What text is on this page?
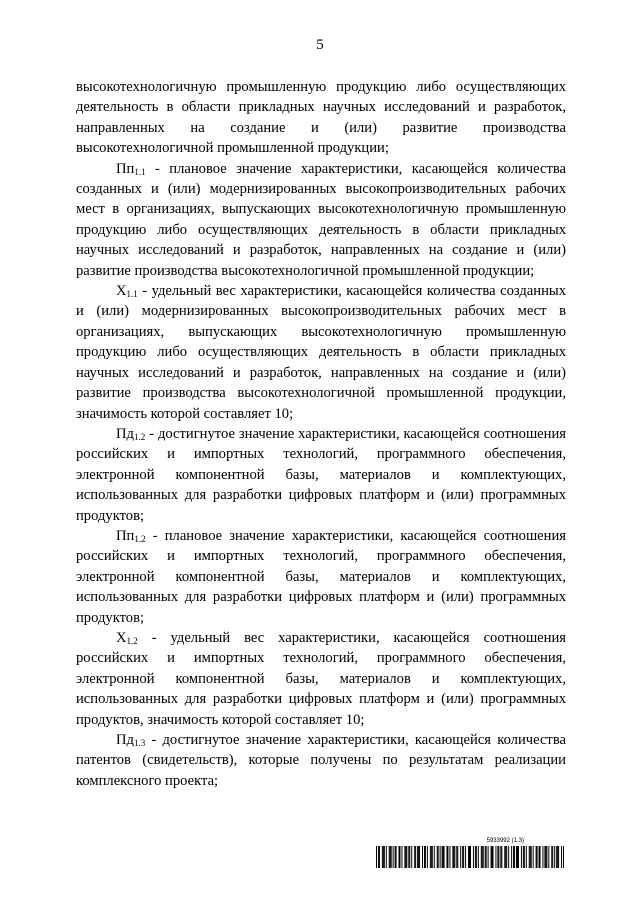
5

высокотехнологичную промышленную продукцию либо осуществляющих деятельность в области прикладных научных исследований и разработок, направленных на создание и (или) развитие производства высокотехнологичной промышленной продукции;

$Пп_{1.1}$ - плановое значение характеристики, касающейся количества созданных и (или) модернизированных высокопроизводительных рабочих мест в организациях, выпускающих высокотехнологичную промышленную продукцию либо осуществляющих деятельность в области прикладных научных исследований и разработок, направленных на создание и (или) развитие производства высокотехнологичной промышленной продукции;

$Х_{1.1}$ - удельный вес характеристики, касающейся количества созданных и (или) модернизированных высокопроизводительных рабочих мест в организациях, выпускающих высокотехнологичную промышленную продукцию либо осуществляющих деятельность в области прикладных научных исследований и разработок, направленных на создание и (или) развитие производства высокотехнологичной промышленной продукции, значимость которой составляет 10;

$Пд_{1.2}$ - достигнутое значение характеристики, касающейся соотношения российских и импортных технологий, программного обеспечения, электронной компонентной базы, материалов и комплектующих, использованных для разработки цифровых платформ и (или) программных продуктов;

$Пп_{1.2}$ - плановое значение характеристики, касающейся соотношения российских и импортных технологий, программного обеспечения, электронной компонентной базы, материалов и комплектующих, использованных для разработки цифровых платформ и (или) программных продуктов;

$Х_{1.2}$ - удельный вес характеристики, касающейся соотношения российских и импортных технологий, программного обеспечения, электронной компонентной базы, материалов и комплектующих, использованных для разработки цифровых платформ и (или) программных продуктов, значимость которой составляет 10;

$Пд_{1.3}$ - достигнутое значение характеристики, касающейся количества патентов (свидетельств), которые получены по результатам реализации комплексного проекта;

5933992 (1.3)
